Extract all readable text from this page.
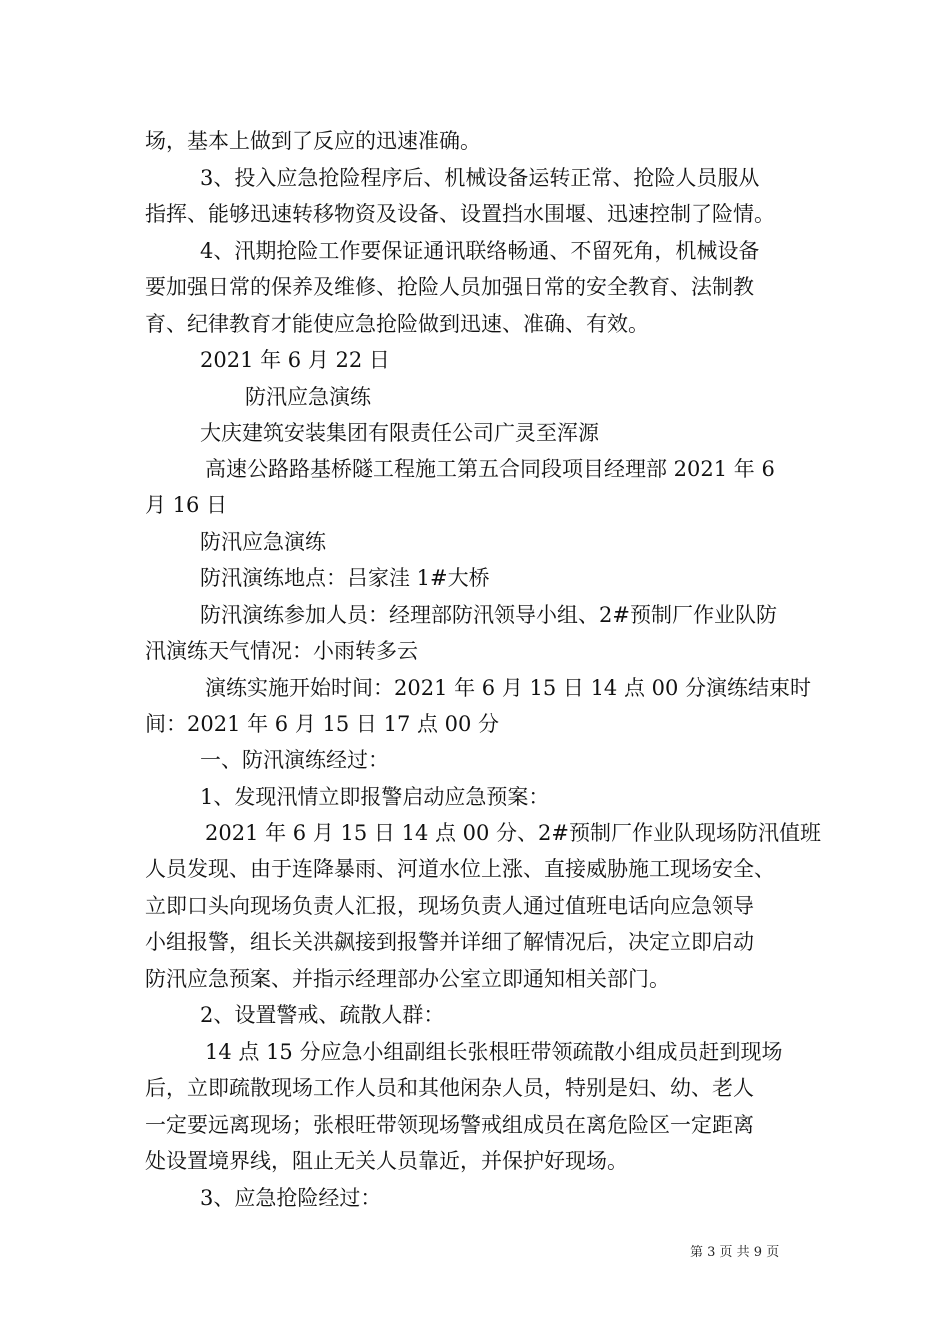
场，基本上做到了反应的迅速准确。
3、投入应急抢险程序后、机械设备运转正常、抢险人员服从
指挥、能够迅速转移物资及设备、设置挡水围堰、迅速控制了险情。
4、汛期抢险工作要保证通讯联络畅通、不留死角，机械设备
要加强日常的保养及维修、抢险人员加强日常的安全教育、法制教
育、纪律教育才能使应急抢险做到迅速、准确、有效。
2021 年 6 月 22 日
防汛应急演练
大庆建筑安装集团有限责任公司广灵至浑源
高速公路路基桥隧工程施工第五合同段项目经理部 2021 年 6
月 16 日
防汛应急演练
防汛演练地点：吕家洼 1#大桥
防汛演练参加人员：经理部防汛领导小组、2#预制厂作业队防
汛演练天气情况：小雨转多云
演练实施开始时间：2021 年 6 月 15 日 14 点 00 分演练结束时
间：2021 年 6 月 15 日 17 点 00 分
一、防汛演练经过：
1、发现汛情立即报警启动应急预案：
2021 年 6 月 15 日 14 点 00 分、2#预制厂作业队现场防汛值班
人员发现、由于连降暴雨、河道水位上涨、直接威胁施工现场安全、
立即口头向现场负责人汇报，现场负责人通过值班电话向应急领导
小组报警，组长关洪飙接到报警并详细了解情况后，决定立即启动
防汛应急预案、并指示经理部办公室立即通知相关部门。
2、设置警戒、疏散人群：
14 点 15 分应急小组副组长张根旺带领疏散小组成员赶到现场
后，立即疏散现场工作人员和其他闲杂人员，特别是妇、幼、老人
一定要远离现场；张根旺带领现场警戒组成员在离危险区一定距离
处设置境界线，阻止无关人员靠近，并保护好现场。
3、应急抢险经过：
第 3 页 共 9 页
